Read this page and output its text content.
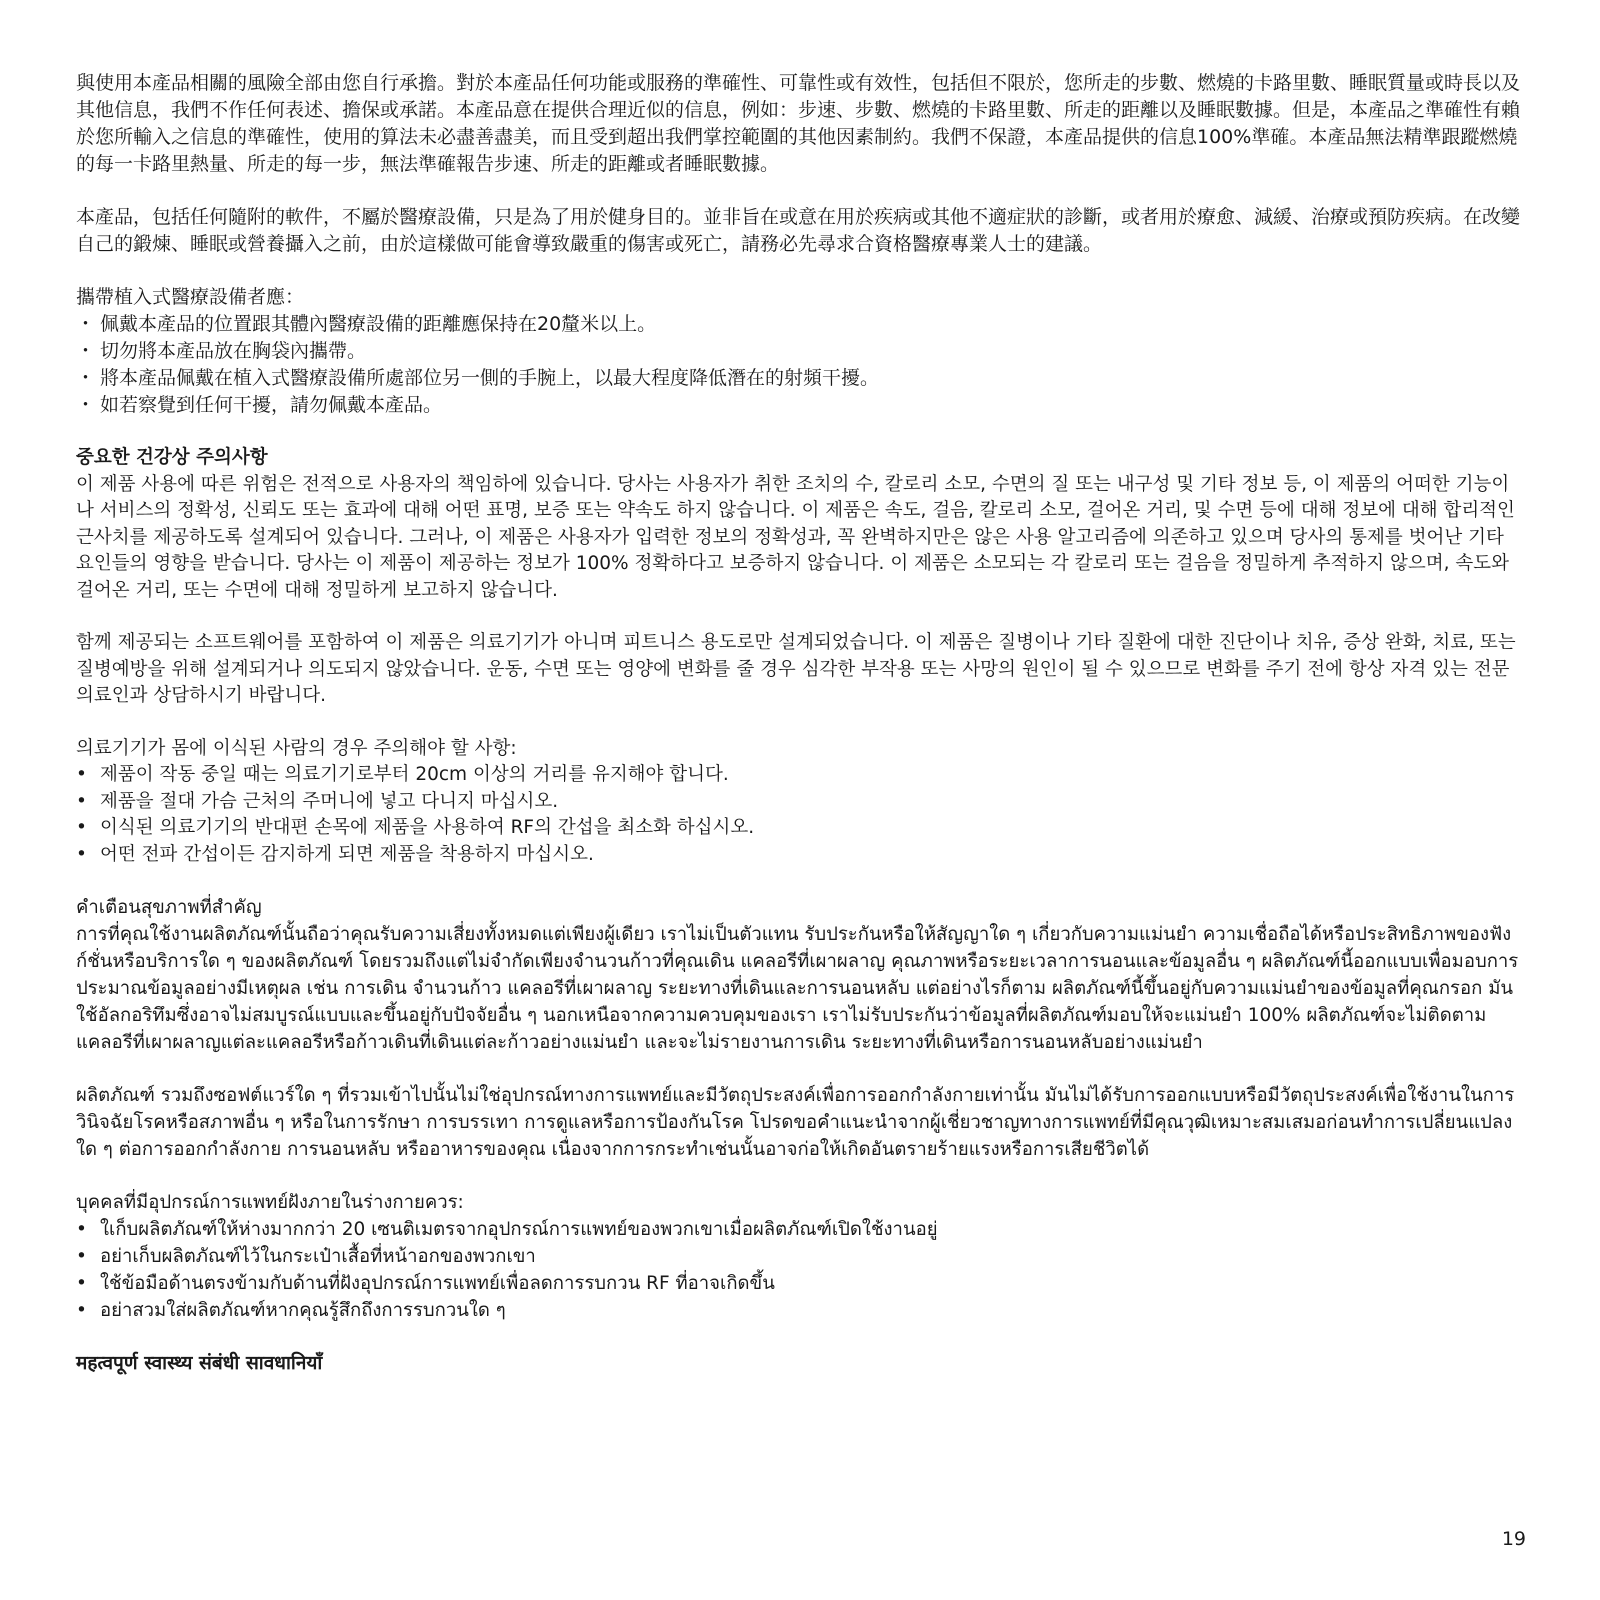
與使用本產品相關的風險全部由您自行承擔。對於本產品任何功能或服務的準確性、可靠性或有效性，包括但不限於，您所走的步數、燃燒的卡路里數、睡眠質量或時長以及其他信息，我們不作任何表述、擔保或承諾。本產品意在提供合理近似的信息，例如：步速、步數、燃燒的卡路里數、所走的距離以及睡眠數據。但是，本產品之準確性有賴於您所輸入之信息的準確性，使用的算法未必盡善盡美，而且受到超出我們掌控範圍的其他因素制約。我們不保證，本產品提供的信息100%準確。本產品無法精準跟蹤燃燒的每一卡路里熱量、所走的每一步，無法準確報告步速、所走的距離或者睡眠數據。

本產品，包括任何隨附的軟件，不屬於醫療設備，只是為了用於健身目的。並非旨在或意在用於疾病或其他不適症狀的診斷，或者用於療愈、減緩、治療或預防疾病。在改變自己的鍛煉、睡眠或營養攝入之前，由於這樣做可能會導致嚴重的傷害或死亡，請務必先尋求合資格醫療專業人士的建議。

攜帶植入式醫療設備者應：
・ 佩戴本產品的位置跟其體內醫療設備的距離應保持在20釐米以上。
・ 切勿將本產品放在胸袋內攜帶。
・ 將本產品佩戴在植入式醫療設備所處部位另一側的手腕上，以最大程度降低潛在的射頻干擾。
・ 如若察覺到任何干擾，請勿佩戴本產品。
중요한 건강상 주의사항

이 제품 사용에 따른 위험은 전적으로 사용자의 책임하에 있습니다. 당사는 사용자가 취한 조치의 수, 칼로리 소모, 수면의 질 또는 내구성 및 기타 정보 등, 이 제품의 어떠한 기능이나 서비스의 정확성, 신뢰도 또는 효과에 대해 어떤 표명, 보증 또는 약속도 하지 않습니다. 이 제품은 속도, 걸음, 칼로리 소모, 걸어온 거리, 및 수면 등에 대해 정보에 대해 합리적인 근사치를 제공하도록 설계되어 있습니다. 그러나, 이 제품은 사용자가 입력한 정보의 정확성과, 꼭 완벽하지만은 않은 사용 알고리즘에 의존하고 있으며 당사의 통제를 벗어난 기타 요인들의 영향을 받습니다. 당사는 이 제품이 제공하는 정보가 100% 정확하다고 보증하지 않습니다. 이 제품은 소모되는 각 칼로리 또는 걸음을 정밀하게 추적하지 않으며, 속도와 걸어온 거리, 또는 수면에 대해 정밀하게 보고하지 않습니다.

함께 제공되는 소프트웨어를 포함하여 이 제품은 의료기기가 아니며 피트니스 용도로만 설계되었습니다. 이 제품은 질병이나 기타 질환에 대한 진단이나 치유, 증상 완화, 치료, 또는 질병예방을 위해 설계되거나 의도되지 않았습니다. 운동, 수면 또는 영양에 변화를 줄 경우 심각한 부작용 또는 사망의 원인이 될 수 있으므로 변화를 주기 전에 항상 자격 있는 전문 의료인과 상담하시기 바랍니다.

의료기기가 몸에 이식된 사람의 경우 주의해야 할 사항:
• 제품이 작동 중일 때는 의료기기로부터 20cm 이상의 거리를 유지해야 합니다.
• 제품을 절대 가슴 근처의 주머니에 넣고 다니지 마십시오.
• 이식된 의료기기의 반대편 손목에 제품을 사용하여 RF의 간섭을 최소화 하십시오.
• 어떤 전파 간섭이든 감지하게 되면 제품을 착용하지 마십시오.
คำเตือนสุขภาพที่สำคัญ

การที่คุณใช้งานผลิตภัณฑ์นั้นถือว่าคุณรับความเสี่ยงทั้งหมดแต่เพียงผู้เดียว เราไม่เป็นตัวแทน รับประกันหรือให้สัญญาใด ๆ เกี่ยวกับความแม่นยำ ความเชื่อถือได้หรือประสิทธิภาพของฟังก์ชั่นหรือบริการใด ๆ ของผลิตภัณฑ์ โดยรวมถึงแต่ไม่จำกัดเพียงจำนวนก้าวที่คุณเดิน แคลอรีที่เผาผลาญ คุณภาพหรือระยะเวลาการนอนและข้อมูลอื่น ๆ ผลิตภัณฑ์นี้ออกแบบเพื่อมอบการประมาณข้อมูลอย่างมีเหตุผล เช่น การเดิน จำนวนก้าว แคลอรีที่เผาผลาญ ระยะทางที่เดินและการนอนหลับ แต่อย่างไรก็ตาม ผลิตภัณฑ์นี้ขึ้นอยู่กับความแม่นยำของข้อมูลที่คุณกรอก มันใช้อัลกอริทึมซึ่งอาจไม่สมบูรณ์แบบและขึ้นอยู่กับปัจจัยอื่น ๆ นอกเหนือจากความควบคุมของเรา เราไม่รับประกันว่าข้อมูลที่ผลิตภัณฑ์มอบให้จะแม่นยำ 100% ผลิตภัณฑ์จะไม่ติดตามแคลอรีที่เผาผลาญแต่ละแคลอรีหรือก้าวเดินที่เดินแต่ละก้าวอย่างแม่นยำ และจะไม่รายงานการเดิน ระยะทางที่เดินหรือการนอนหลับอย่างแม่นยำ

ผลิตภัณฑ์ รวมถึงซอฟต์แวร์ใด ๆ ที่รวมเข้าไปนั้นไม่ใช่อุปกรณ์ทางการแพทย์และมีวัตถุประสงค์เพื่อการออกกำลังกายเท่านั้น มันไม่ได้รับการออกแบบหรือมีวัตถุประสงค์เพื่อใช้งานในการวินิจฉัยโรคหรือสภาพอื่น ๆ หรือในการรักษา การบรรเทา การดูแลหรือการป้องกันโรค โปรดขอคำแนะนำจากผู้เชี่ยวชาญทางการแพทย์ที่มีคุณวุฒิเหมาะสมเสมอก่อนทำการเปลี่ยนแปลงใด ๆ ต่อการออกกำลังกาย การนอนหลับ หรืออาหารของคุณ เนื่องจากการกระทำเช่นนั้นอาจก่อให้เกิดอันตรายร้ายแรงหรือการเสียชีวิตได้

บุคคลที่มีอุปกรณ์การแพทย์ฝังภายในร่างกายควร:
• ใเก็บผลิตภัณฑ์ให้ห่างมากกว่า 20 เซนติเมตรจากอุปกรณ์การแพทย์ของพวกเขาเมื่อผลิตภัณฑ์เปิดใช้งานอยู่
• อย่าเก็บผลิตภัณฑ์ไว้ในกระเป๋าเสื้อที่หน้าอกของพวกเขา
• ใช้ข้อมือด้านตรงข้ามกับด้านที่ฝังอุปกรณ์การแพทย์เพื่อลดการรบกวน RF ที่อาจเกิดขึ้น
• อย่าสวมใส่ผลิตภัณฑ์หากคุณรู้สึกถึงการรบกวนใด ๆ
महत्वपूर्ण स्वास्थ्य संबंधी सावधानियाँ
19
